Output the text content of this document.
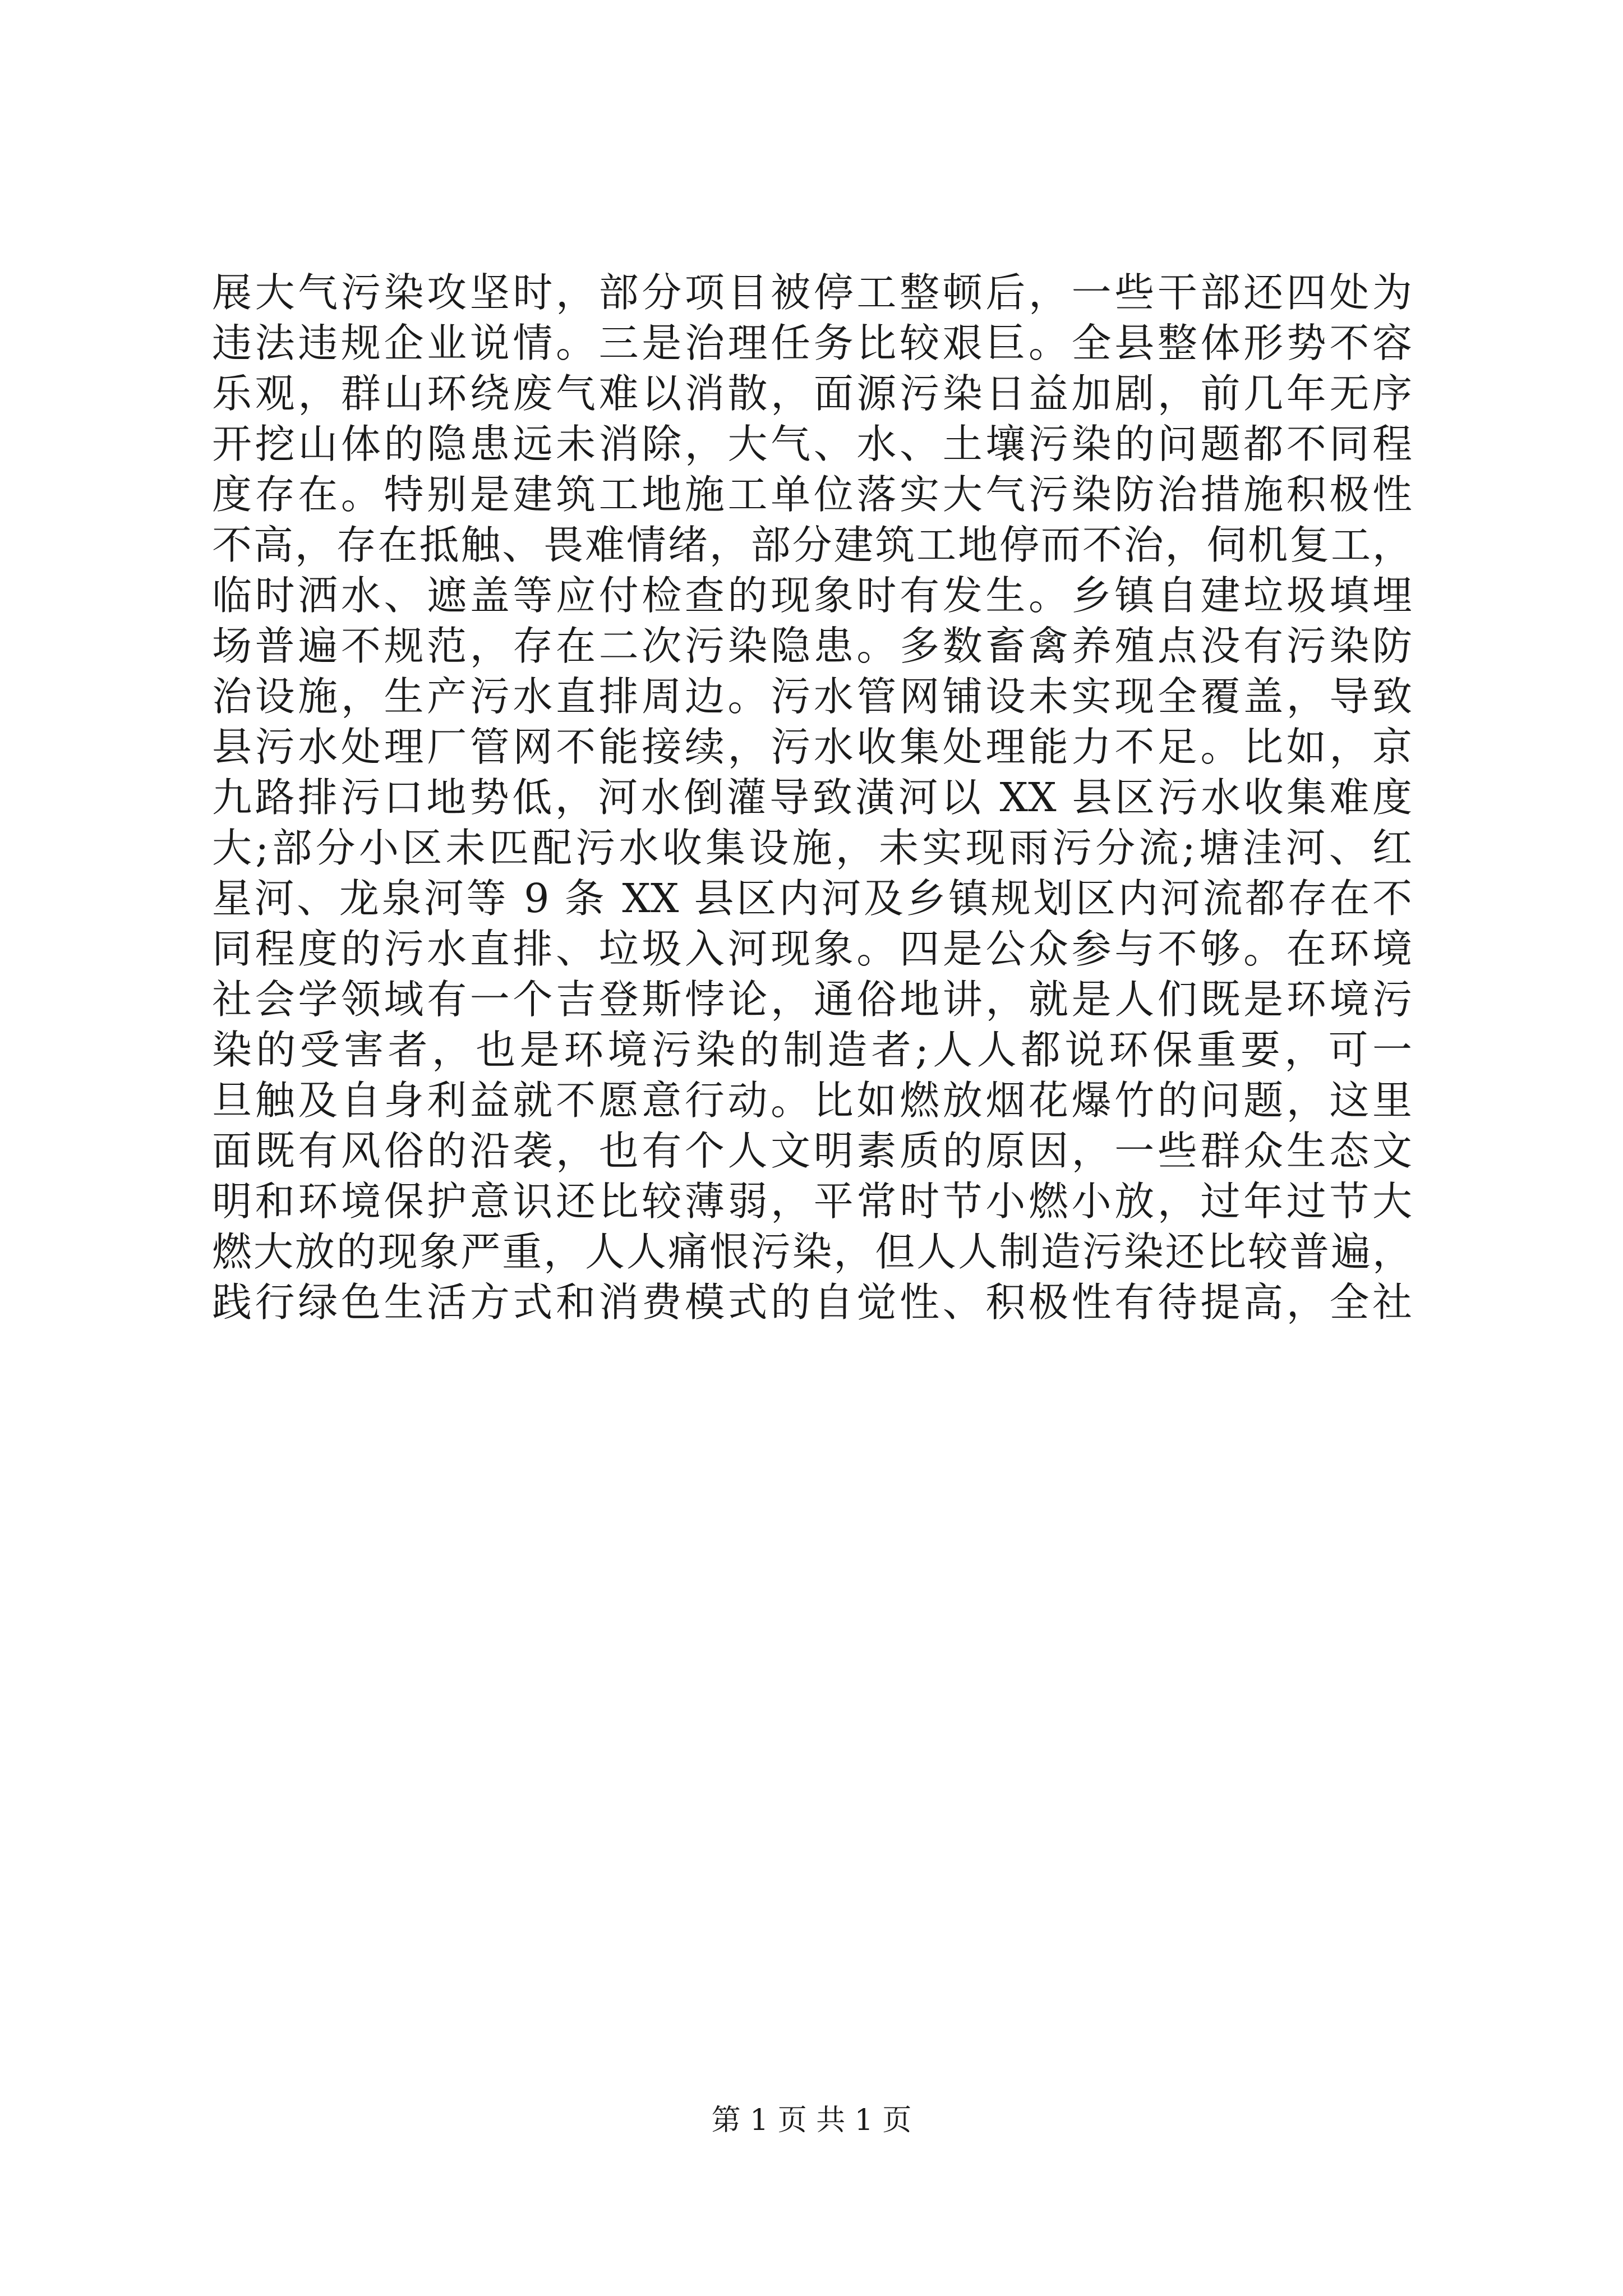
展大气污染攻坚时，部分项目被停工整顿后，一些干部还四处为
违法违规企业说情。三是治理任务比较艰巨。全县整体形势不容
乐观，群山环绕废气难以消散，面源污染日益加剧，前几年无序
开挖山体的隐患远未消除，大气、水、土壤污染的问题都不同程
度存在。特别是建筑工地施工单位落实大气污染防治措施积极性
不高，存在抵触、畏难情绪，部分建筑工地停而不治，伺机复工，
临时洒水、遮盖等应付检查的现象时有发生。乡镇自建垃圾填埋
场普遍不规范，存在二次污染隐患。多数畜禽养殖点没有污染防
治设施，生产污水直排周边。污水管网铺设未实现全覆盖，导致
县污水处理厂管网不能接续，污水收集处理能力不足。比如，京
九路排污口地势低，河水倒灌导致潢河以 XX 县区污水收集难度
大;部分小区未匹配污水收集设施，未实现雨污分流;塘洼河、红
星河、龙泉河等 9 条 XX 县区内河及乡镇规划区内河流都存在不
同程度的污水直排、垃圾入河现象。四是公众参与不够。在环境
社会学领域有一个吉登斯悖论，通俗地讲，就是人们既是环境污
染的受害者，也是环境污染的制造者;人人都说环保重要，可一
旦触及自身利益就不愿意行动。比如燃放烟花爆竹的问题，这里
面既有风俗的沿袭，也有个人文明素质的原因，一些群众生态文
明和环境保护意识还比较薄弱，平常时节小燃小放，过年过节大
燃大放的现象严重，人人痛恨污染，但人人制造污染还比较普遍，
践行绿色生活方式和消费模式的自觉性、积极性有待提高，全社
第 1 页 共 1 页
